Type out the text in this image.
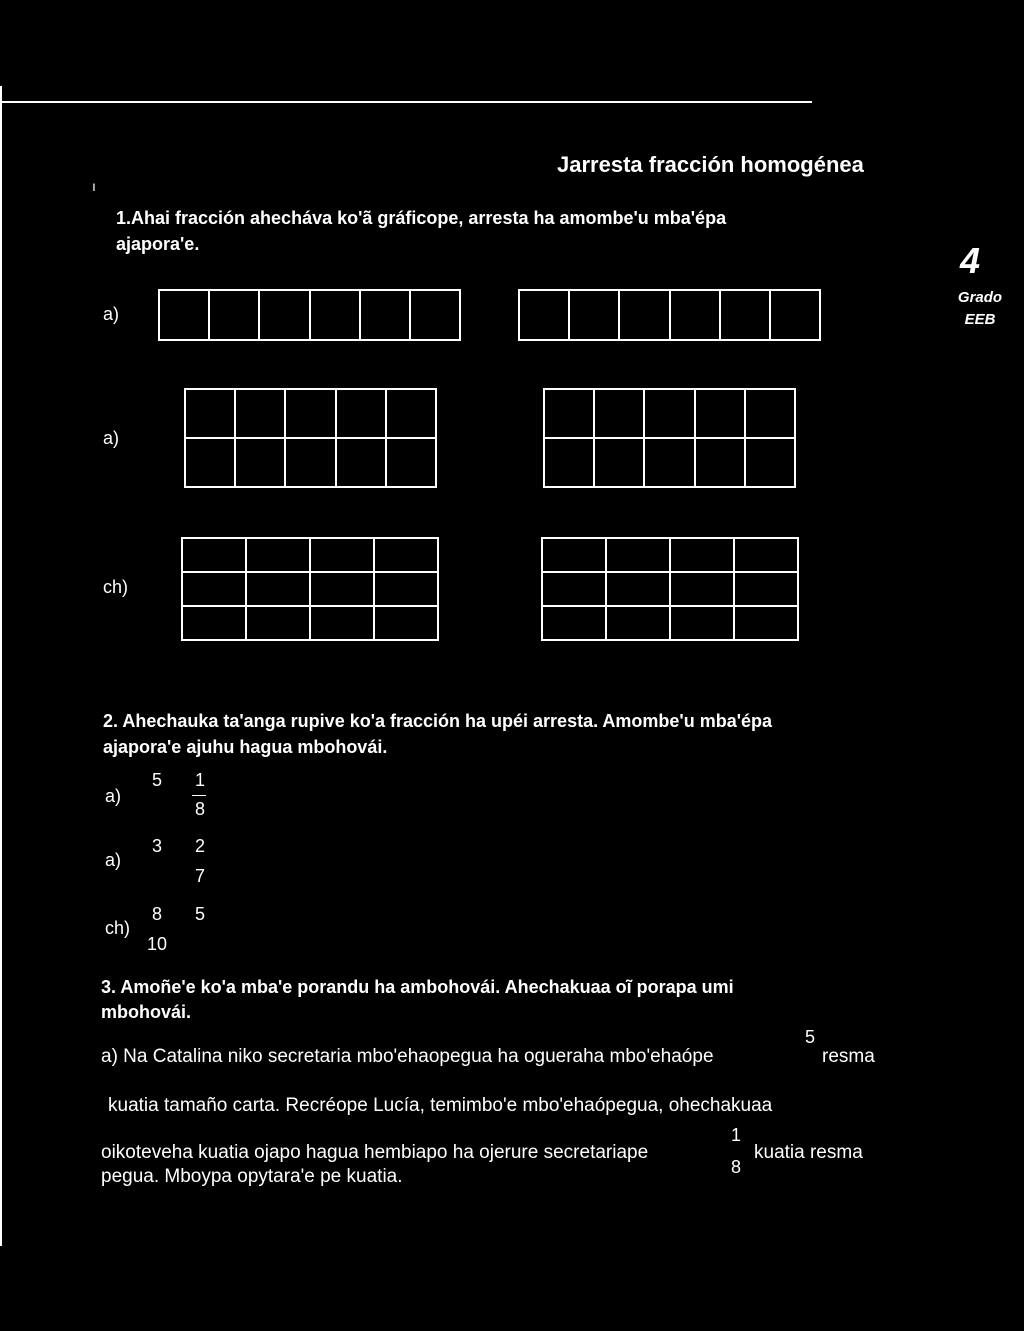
ı
Jarresta fracción homogénea
4
Grado
EEB
1.Ahai fracción ahecháva ko'ã gráficope, arresta ha amombe'u mba'épa
ajapora'e.
a)
a)
ch)
2. Ahechauka ta'anga rupive ko'a fracción ha upéi arresta. Amombe'u mba'épa
ajapora'e ajuhu hagua mbohovái.
a)
5 1
8
a)
3 2
7
ch)
8 5
10
3. Amoñe'e ko'a mba'e porandu ha ambohovái. Ahechakuaa oĩ porapa umi
mbohovái.
a) Na Catalina niko secretaria mbo'ehaopegua ha ogueraha mbo'ehaópe
5
resma
kuatia tamaño carta. Recréope Lucía, temimbo'e mbo'ehaópegua, ohechakuaa
oikoteveha kuatia ojapo hagua hembiapo ha ojerure secretariape
1
8
kuatia resma
pegua. Mboypa opytara'e pe kuatia.
